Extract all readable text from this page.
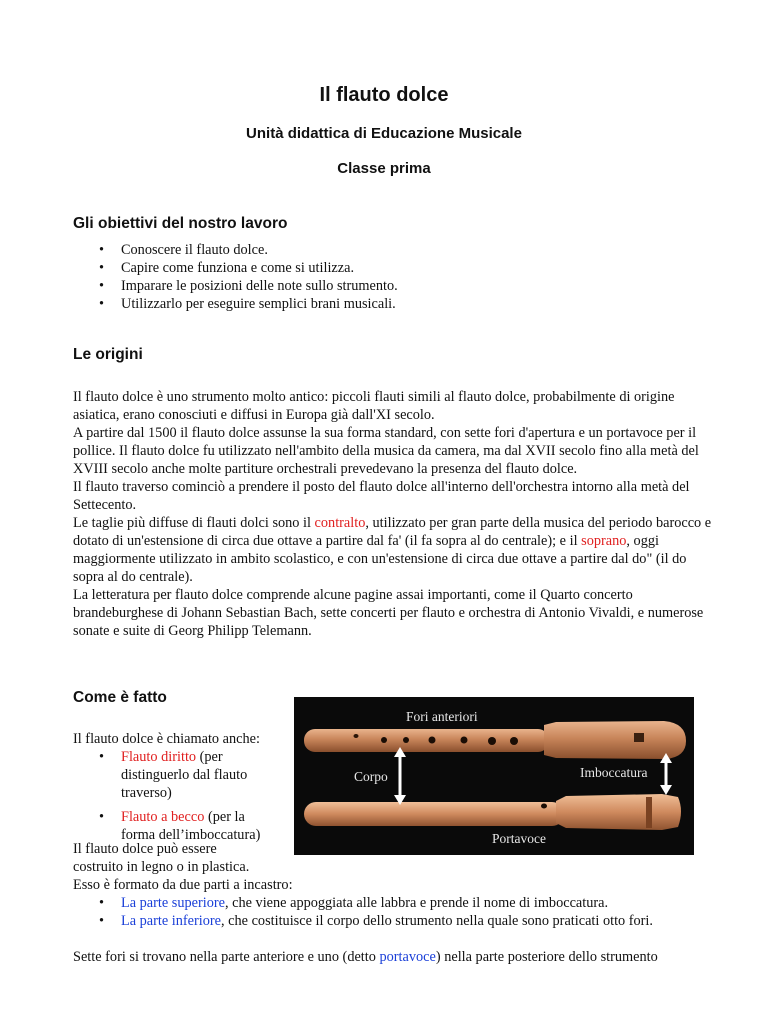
Il flauto dolce
Unità didattica di Educazione Musicale
Classe prima
Gli obiettivi del nostro lavoro
• Conoscere il flauto dolce.
• Capire come funziona e come si utilizza.
• Imparare le posizioni delle note sullo strumento.
• Utilizzarlo per eseguire semplici brani musicali.
Le origini
Il flauto dolce è uno strumento molto antico: piccoli flauti simili al flauto dolce, probabilmente di origine asiatica, erano conosciuti e diffusi in Europa già dall'XI secolo.
A partire dal 1500 il flauto dolce assunse la sua forma standard, con sette fori d'apertura e un portavoce per il pollice. Il flauto dolce fu utilizzato nell'ambito della musica da camera, ma dal XVII secolo fino alla metà del XVIII secolo anche molte partiture orchestrali prevedevano la presenza del flauto dolce.
Il flauto traverso cominciò a prendere il posto del flauto dolce all'interno dell'orchestra intorno alla metà del Settecento.
Le taglie più diffuse di flauti dolci sono il contralto, utilizzato per gran parte della musica del periodo barocco e dotato di un'estensione di circa due ottave a partire dal fa' (il fa sopra al do centrale); e il soprano, oggi maggiormente utilizzato in ambito scolastico, e con un'estensione di circa due ottave a partire dal do" (il do sopra al do centrale).
La letteratura per flauto dolce comprende alcune pagine assai importanti, come il Quarto concerto brandeburghese di Johann Sebastian Bach, sette concerti per flauto e orchestra di Antonio Vivaldi, e numerose sonate e suite di Georg Philipp Telemann.
Come è fatto
Il flauto dolce è chiamato anche:
• Flauto diritto (per
distinguerlo dal flauto
traverso)
• Flauto a becco (per la
forma dell’imboccatura)
Il flauto dolce può essere
costruito in legno o in plastica.
Esso è formato da due parti a incastro:
• La parte superiore, che viene appoggiata alle labbra e prende il nome di imboccatura.
• La parte inferiore, che costituisce il corpo dello strumento nella quale sono praticati otto fori.
Sette fori si trovano nella parte anteriore e uno (detto portavoce) nella parte posteriore dello strumento
Fori anteriori
Corpo	Imboccatura
Portavoce
